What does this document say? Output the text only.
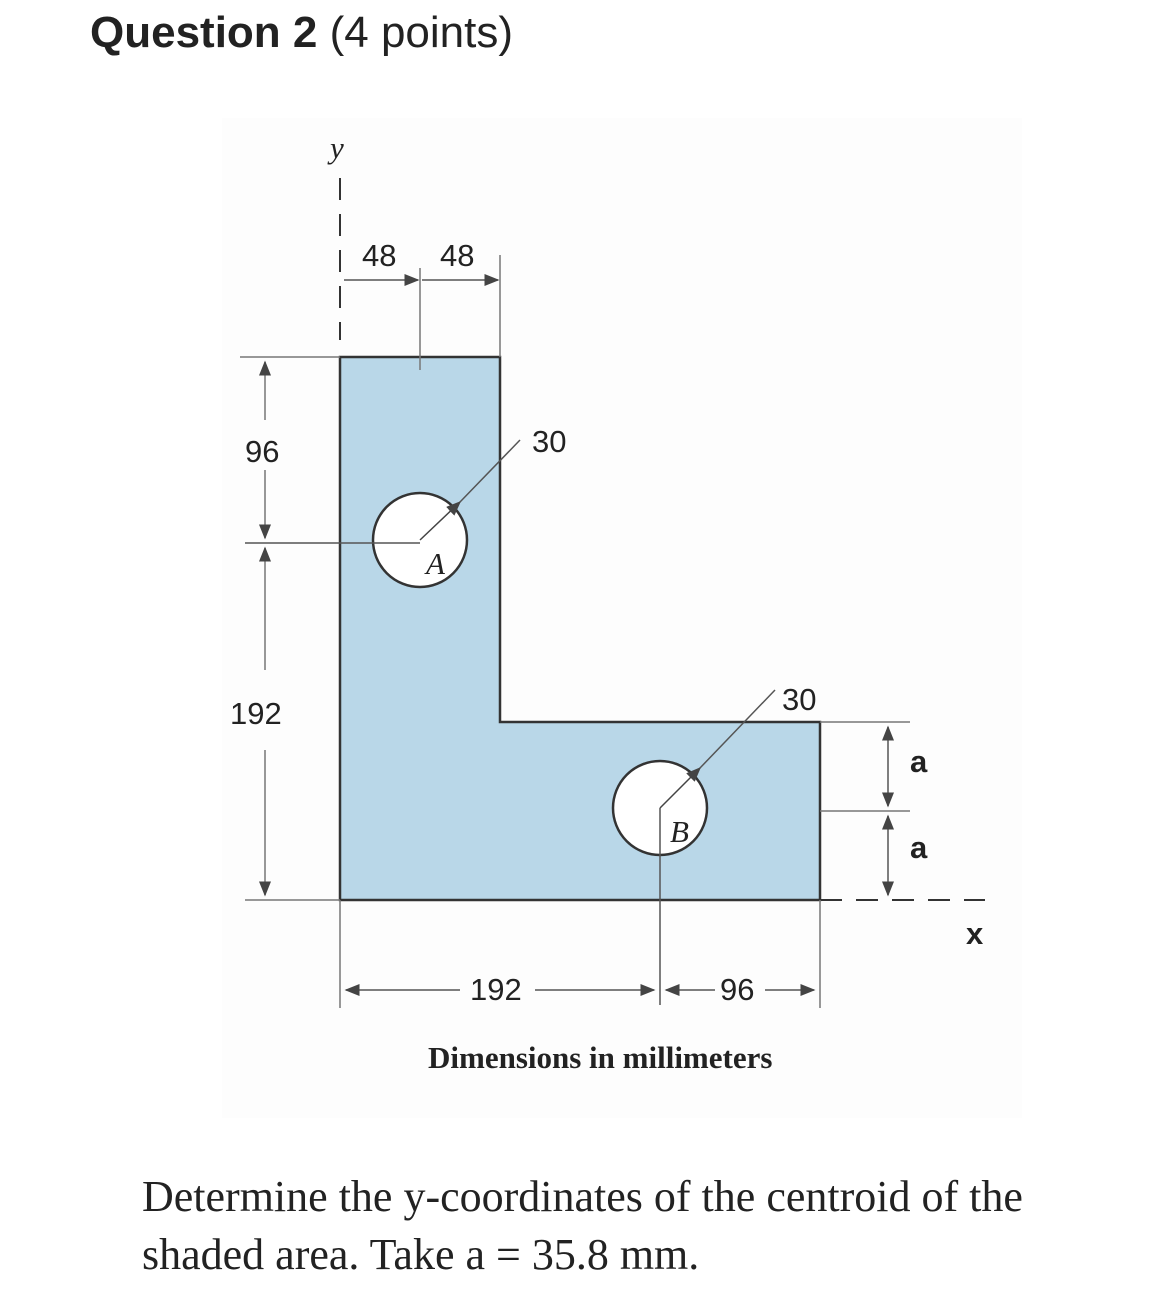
Question 2 (4 points)
y
x
48 48
96
192
30
A
30
B
a
a
192	96
Dimensions in millimeters
Determine the y-coordinates of the centroid of the shaded area. Take a = 35.8 mm.
